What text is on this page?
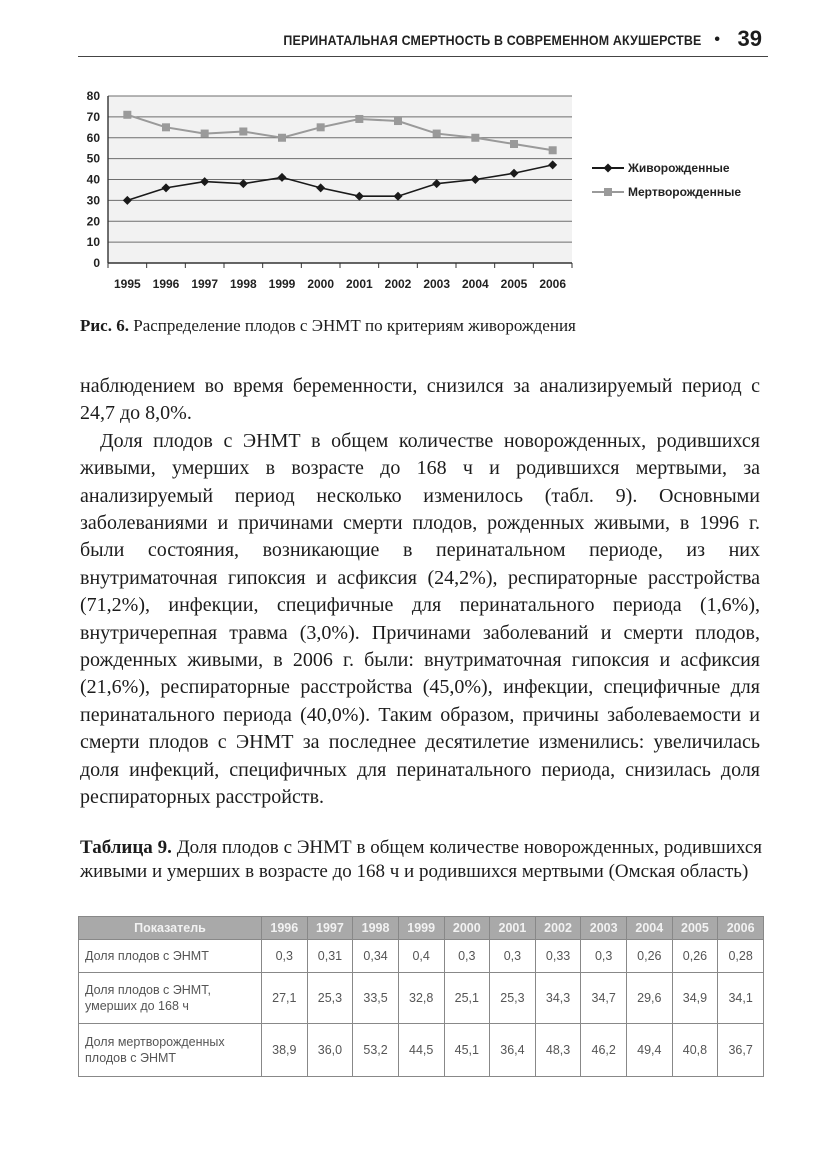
ПЕРИНАТАЛЬНАЯ СМЕРТНОСТЬ В СОВРЕМЕННОМ АКУШЕРСТВЕ • 39
0
10
20
30
40
50
60
70
80
1995 1996 1997 1998 1999 2000 2001 2002 2003 2004 2005 2006
Живорожденные
Мертворожденные
Рис. 6. Распределение плодов с ЭНМТ по критериям живорождения

наблюдением во время беременности, снизился за анализируемый период с 24,7 до 8,0%.

Доля плодов с ЭНМТ в общем количестве новорожденных, родившихся живыми, умерших в возрасте до 168 ч и родившихся мертвыми, за анализируемый период несколько изменилось (табл. 9). Основными заболеваниями и причинами смерти плодов, рожденных живыми, в 1996 г. были состояния, возникающие в перинатальном периоде, из них внутриматочная гипоксия и асфиксия (24,2%), респираторные расстройства (71,2%), инфекции, специфичные для перинатального периода (1,6%), внутричерепная травма (3,0%). Причинами заболеваний и смерти плодов, рожденных живыми, в 2006 г. были: внутриматочная гипоксия и асфиксия (21,6%), респираторные расстройства (45,0%), инфекции, специфичные для перинатального периода (40,0%). Таким образом, причины заболеваемости и смерти плодов с ЭНМТ за последнее десятилетие изменились: увеличилась доля инфекций, специфичных для перинатального периода, снизилась доля респираторных расстройств.

Таблица 9. Доля плодов с ЭНМТ в общем количестве новорожденных, родившихся живыми и умерших в возрасте до 168 ч и родившихся мертвыми (Омская область)
Показатель	1996	1997	1998	1999	2000	2001	2002	2003	2004	2005	2006
Доля плодов с ЭНМТ	0,3	0,31	0,34	0,4	0,3	0,3	0,33	0,3	0,26	0,26	0,28
Доля плодов с ЭНМТ, умерших до 168 ч	27,1	25,3	33,5	32,8	25,1	25,3	34,3	34,7	29,6	34,9	34,1
Доля мертворожденных плодов с ЭНМТ	38,9	36,0	53,2	44,5	45,1	36,4	48,3	46,2	49,4	40,8	36,7
